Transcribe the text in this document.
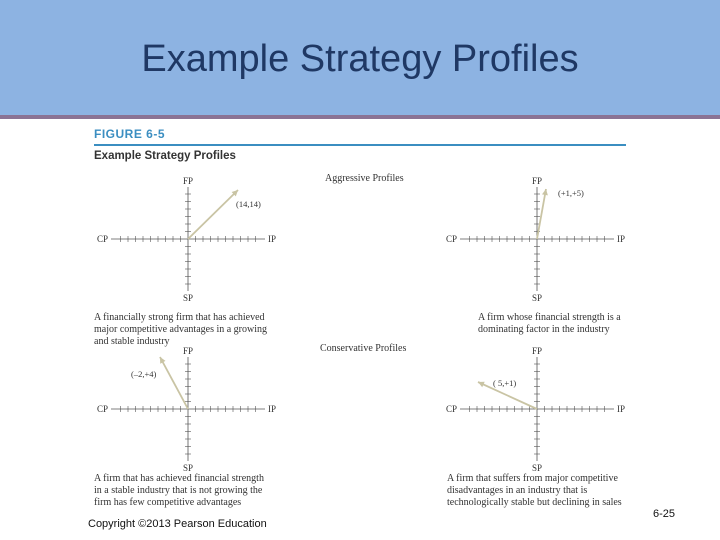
Example Strategy Profiles
FIGURE 6-5
Example Strategy Profiles
Aggressive Profiles
Conservative Profiles
FP
SP
CP	IP
(14,14)
FP
SP
CP	IP
(+1,+5)
FP
SP
CP	IP
(–2,+4)
FP
SP
CP	IP
( 5,+1)
A financially strong firm that has achieved
major competitive advantages in a growing
and stable industry
A firm whose financial strength is a
dominating factor in the industry
A firm that has achieved financial strength
in a stable industry that is not growing the
firm has few competitive advantages
A firm that suffers from major competitive
disadvantages in an industry that is
technologically stable but declining in sales
Copyright ©2013 Pearson Education
6-25
